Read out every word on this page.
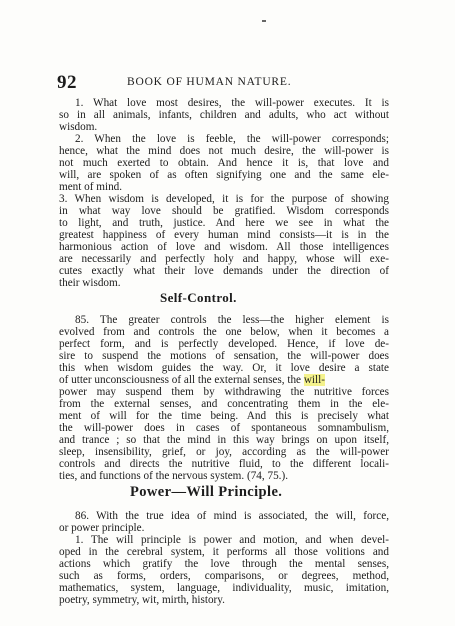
92	BOOK OF HUMAN NATURE.
1. What love most desires, the will-power executes. It is
so in all animals, infants, children and adults, who act without
wisdom.
2. When the love is feeble, the will-power corresponds;
hence, what the mind does not much desire, the will-power is
not much exerted to obtain. And hence it is, that love and
will, are spoken of as often signifying one and the same ele-
ment of mind.
3. When wisdom is developed, it is for the purpose of showing
in what way love should be gratified. Wisdom corresponds
to light, and truth, justice. And here we see in what the
greatest happiness of every human mind consists—it is in the
harmonious action of love and wisdom. All those intelligences
are necessarily and perfectly holy and happy, whose will exe-
cutes exactly what their love demands under the direction of
their wisdom.
Self-Control.
85. The greater controls the less—the higher element is
evolved from and controls the one below, when it becomes a
perfect form, and is perfectly developed. Hence, if love de-
sire to suspend the motions of sensation, the will-power does
this when wisdom guides the way. Or, it love desire a state
of utter unconsciousness of all the external senses, the will-
power may suspend them by withdrawing the nutritive forces
from the external senses, and concentrating them in the ele-
ment of will for the time being. And this is precisely what
the will-power does in cases of spontaneous somnambulism,
and trance ; so that the mind in this way brings on upon itself,
sleep, insensibility, grief, or joy, according as the will-power
controls and directs the nutritive fluid, to the different locali-
ties, and functions of the nervous system. (74, 75.).
Power—Will Principle.
86. With the true idea of mind is associated, the will, force,
or power principle.
1. The will principle is power and motion, and when devel-
oped in the cerebral system, it performs all those volitions and
actions which gratify the love through the mental senses,
such as forms, orders, comparisons, or degrees, method,
mathematics, system, language, individuality, music, imitation,
poetry, symmetry, wit, mirth, history.
